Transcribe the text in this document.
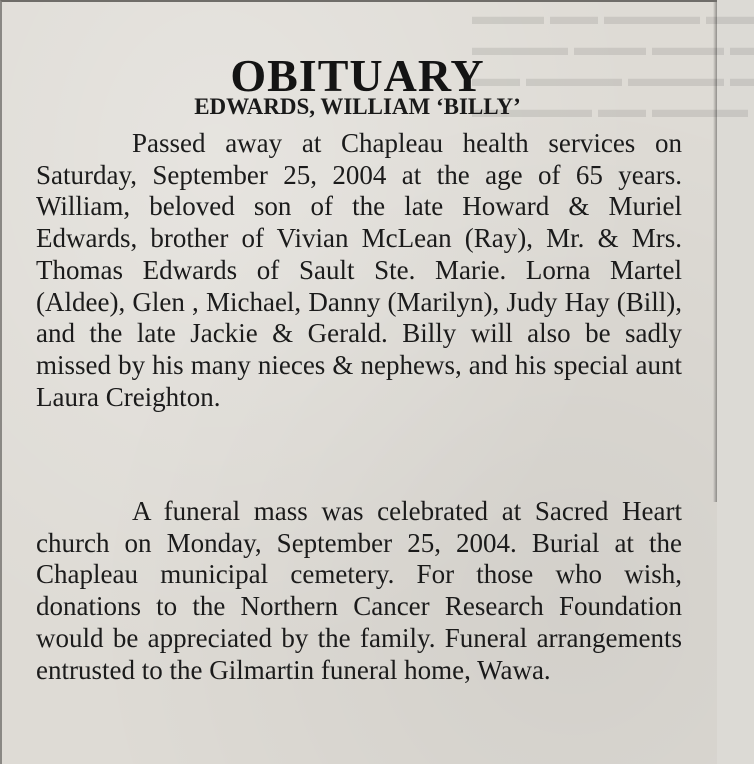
▬▬▬ ▬▬ ▬▬▬▬ ▬▬
▬▬▬▬ ▬▬▬ ▬▬▬ ▬
▬▬ ▬▬▬▬ ▬▬▬▬ ▬
▬▬▬▬▬ ▬▬ ▬▬▬▬
OBITUARY
EDWARDS, WILLIAM ‘BILLY’

Passed away at Chapleau health services on Saturday, September 25, 2004 at the age of 65 years. William, beloved son of the late Howard & Muriel Edwards, brother of Vivian McLean (Ray), Mr. & Mrs. Thomas Edwards of Sault Ste. Marie. Lorna Martel (Aldee), Glen , Michael, Danny (Marilyn), Judy Hay (Bill), and the late Jackie & Gerald. Billy will also be sadly missed by his many nieces & nephews, and his special aunt Laura Creighton.

A funeral mass was celebrated at Sacred Heart church on Monday, September 25, 2004. Burial at the Chapleau municipal cemetery. For those who wish, donations to the Northern Cancer Research Foundation would be appreciated by the family. Funeral arrangements entrusted to the Gilmartin funeral home, Wawa.
